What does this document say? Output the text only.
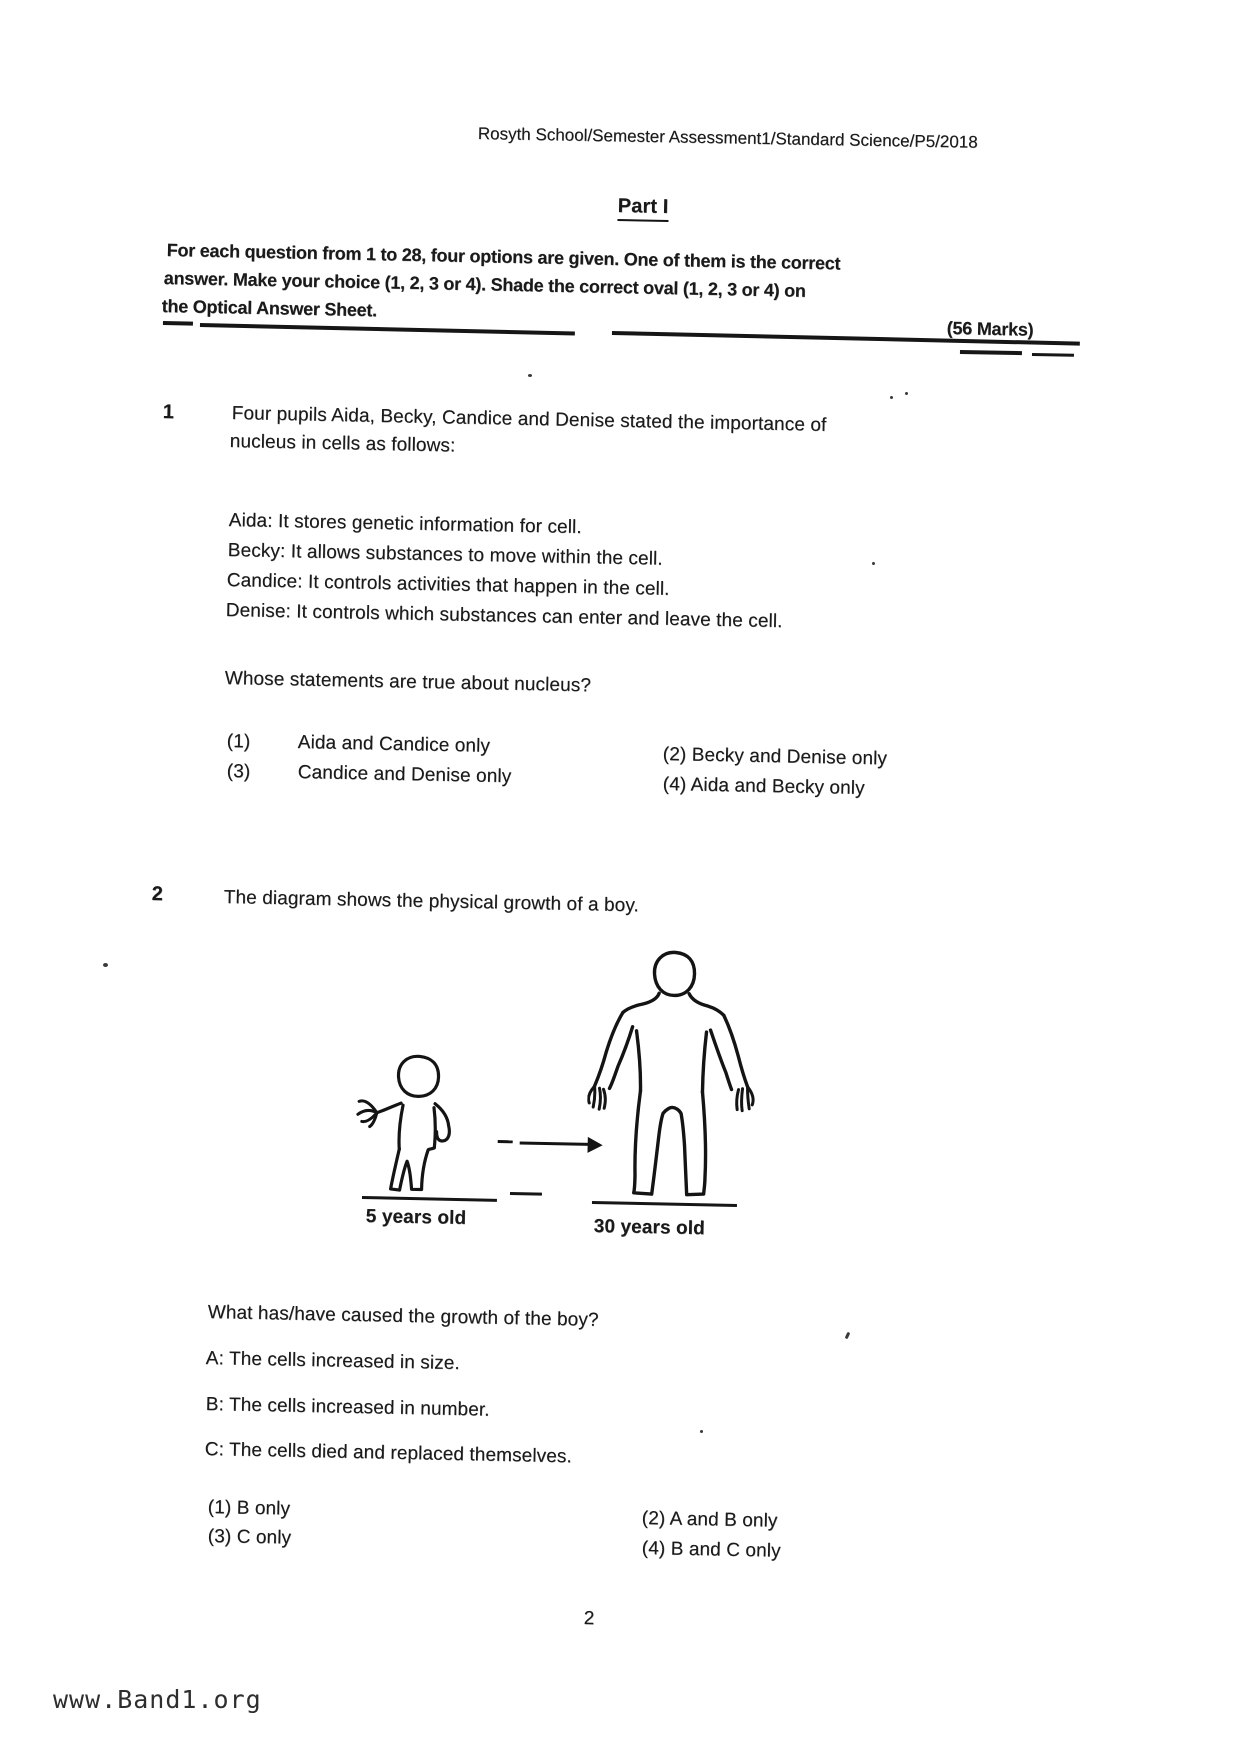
Rosyth School/Semester Assessment1/Standard Science/P5/2018
Part I
For each question from 1 to 28, four options are given. One of them is the correct
answer. Make your choice (1, 2, 3 or 4). Shade the correct oval (1, 2, 3 or 4) on
the Optical Answer Sheet.
(56 Marks)
1	Four pupils Aida, Becky, Candice and Denise stated the importance of
nucleus in cells as follows:
Aida: It stores genetic information for cell.
Becky: It allows substances to move within the cell.
Candice: It controls activities that happen in the cell.
Denise: It controls which substances can enter and leave the cell.
Whose statements are true about nucleus?
(1) Aida and Candice only	(2) Becky and Denise only
(3) Candice and Denise only	(4) Aida and Becky only
2	The diagram shows the physical growth of a boy.
5 years old	30 years old
What has/have caused the growth of the boy?
A: The cells increased in size.
B: The cells increased in number.
C: The cells died and replaced themselves.
(1) B only	(2) A and B only
(3) C only
(4) B and C only
2
www.Band1.org
